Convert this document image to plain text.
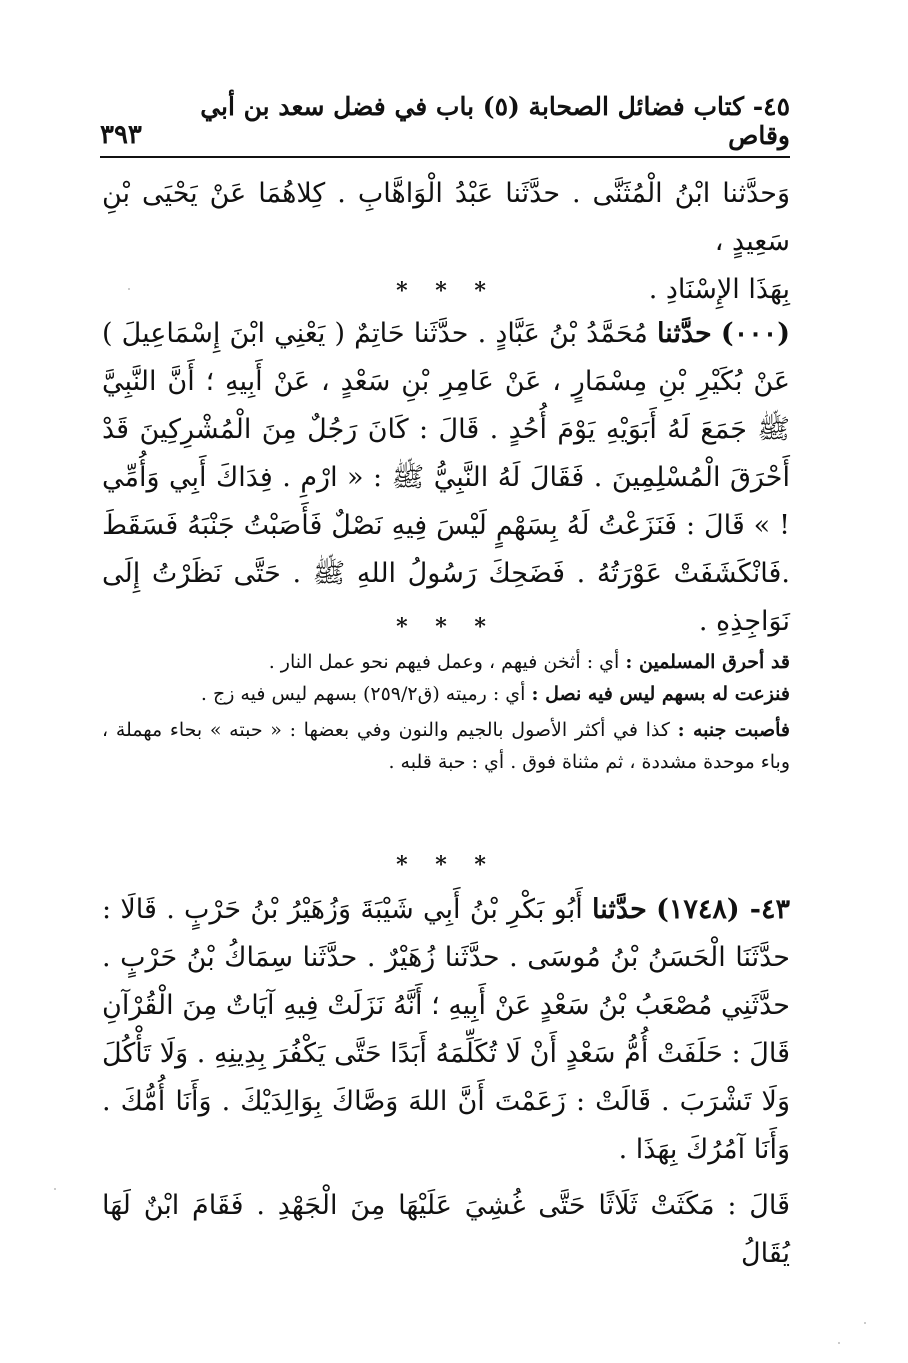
٤٥- كتاب فضائل الصحابة (٥) باب في فضل سعد بن أبي وقاص
٣٩٣
وَحدَّثنا ابْنُ الْمُثَنَّى . حدَّثَنا عَبْدُ الْوَاهَّابِ . كِلاهُمَا عَنْ يَحْيَى بْنِ سَعِيدٍ ،
بِهَذَا الإِسْنَادِ .
* * *
(٠٠٠) حدَّثنا مُحَمَّدُ بْنُ عَبَّادٍ . حدَّثَنا حَاتِمٌ ( يَعْنِي ابْنَ إِسْمَاعِيلَ ) عَنْ بُكَيْرِ بْنِ مِسْمَارٍ ، عَنْ عَامِرِ بْنِ سَعْدٍ ، عَنْ أَبِيهِ ؛ أَنَّ النَّبِيَّ ﷺ جَمَعَ لَهُ أَبَوَيْهِ يَوْمَ أُحُدٍ . قَالَ : كَانَ رَجُلٌ مِنَ الْمُشْرِكِينَ قَدْ أَحْرَقَ الْمُسْلِمِينَ . فَقَالَ لَهُ النَّبِيُّ ﷺ : « ارْمِ . فِدَاكَ أَبِي وَأُمِّي ! » قَالَ : فَنَزَعْتُ لَهُ بِسَهْمٍ لَيْسَ فِيهِ نَصْلٌ فَأَصَبْتُ جَنْبَهُ فَسَقَطَ .فَانْكَشَفَتْ عَوْرَتُهُ . فَضَحِكَ رَسُولُ اللهِ ﷺ . حَتَّى نَظَرْتُ إِلَى نَوَاجِذِهِ .
* * *

قد أحرق المسلمين : أي : أثخن فيهم ، وعمل فيهم نحو عمل النار .

فنزعت له بسهم ليس فيه نصل : أي : رميته (ق٢٥٩/٢) بسهم ليس فيه زج .

فأصبت جنبه : كذا في أكثر الأصول بالجيم والنون وفي بعضها : « حبته » بحاء مهملة ، وباء موحدة مشددة ، ثم مثناة فوق . أي : حبة قلبه .

* * *
٤٣- (١٧٤٨) حدَّثنا أَبُو بَكْرِ بْنُ أَبِي شَيْبَةَ وَزُهَيْرُ بْنُ حَرْبٍ . قَالَا : حدَّثَنَا الْحَسَنُ بْنُ مُوسَى . حدَّثَنا زُهَيْرٌ . حدَّثَنا سِمَاكُ بْنُ حَرْبٍ . حدَّثَنِي مُصْعَبُ بْنُ سَعْدٍ عَنْ أَبِيهِ ؛ أَنَّهُ نَزَلَتْ فِيهِ آيَاتٌ مِنَ الْقُرْآنِ قَالَ : حَلَفَتْ أُمُّ سَعْدٍ أَنْ لَا تُكَلِّمَهُ أَبَدًا حَتَّى يَكْفُرَ بِدِينِهِ . وَلَا تَأْكُلَ وَلَا تَشْرَبَ . قَالَتْ : زَعَمْتَ أَنَّ اللهَ وَصَّاكَ بِوَالِدَيْكَ . وَأَنَا أُمُّكَ . وَأَنَا آمُرُكَ بِهَذَا .
قَالَ : مَكَثَتْ ثَلَاثًا حَتَّى غُشِيَ عَلَيْهَا مِنَ الْجَهْدِ . فَقَامَ ابْنٌ لَهَا يُقَالُ
